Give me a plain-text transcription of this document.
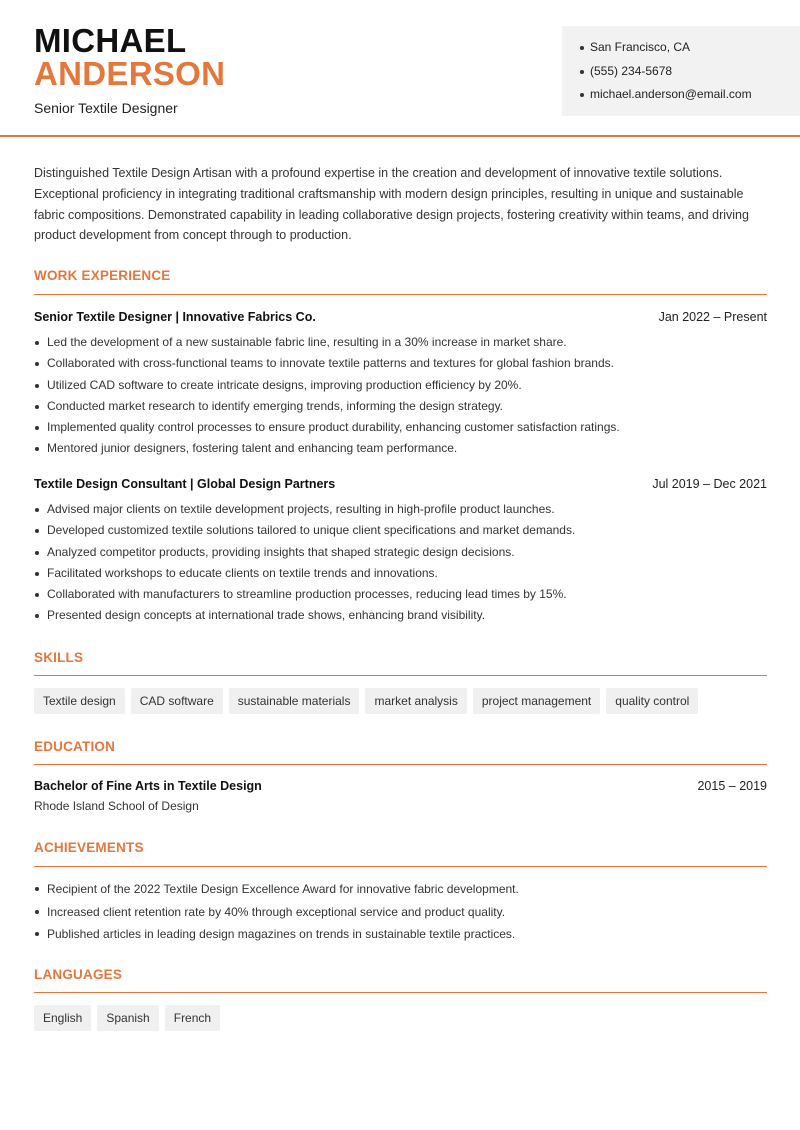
MICHAEL
ANDERSON
Senior Textile Designer
San Francisco, CA
(555) 234-5678
michael.anderson@email.com

Distinguished Textile Design Artisan with a profound expertise in the creation and development of innovative textile solutions. Exceptional proficiency in integrating traditional craftsmanship with modern design principles, resulting in unique and sustainable fabric compositions. Demonstrated capability in leading collaborative design projects, fostering creativity within teams, and driving product development from concept through to production.

WORK EXPERIENCE
Senior Textile Designer | Innovative Fabrics Co.	Jan 2022 – Present
Led the development of a new sustainable fabric line, resulting in a 30% increase in market share.
Collaborated with cross-functional teams to innovate textile patterns and textures for global fashion brands.
Utilized CAD software to create intricate designs, improving production efficiency by 20%.
Conducted market research to identify emerging trends, informing the design strategy.
Implemented quality control processes to ensure product durability, enhancing customer satisfaction ratings.
Mentored junior designers, fostering talent and enhancing team performance.
Textile Design Consultant | Global Design Partners	Jul 2019 – Dec 2021
Advised major clients on textile development projects, resulting in high-profile product launches.
Developed customized textile solutions tailored to unique client specifications and market demands.
Analyzed competitor products, providing insights that shaped strategic design decisions.
Facilitated workshops to educate clients on textile trends and innovations.
Collaborated with manufacturers to streamline production processes, reducing lead times by 15%.
Presented design concepts at international trade shows, enhancing brand visibility.
SKILLS
Textile design	CAD software	sustainable materials	market analysis	project management	quality control
EDUCATION
Bachelor of Fine Arts in Textile Design	2015 – 2019
Rhode Island School of Design
ACHIEVEMENTS
Recipient of the 2022 Textile Design Excellence Award for innovative fabric development.
Increased client retention rate by 40% through exceptional service and product quality.
Published articles in leading design magazines on trends in sustainable textile practices.
LANGUAGES
English	Spanish	French
